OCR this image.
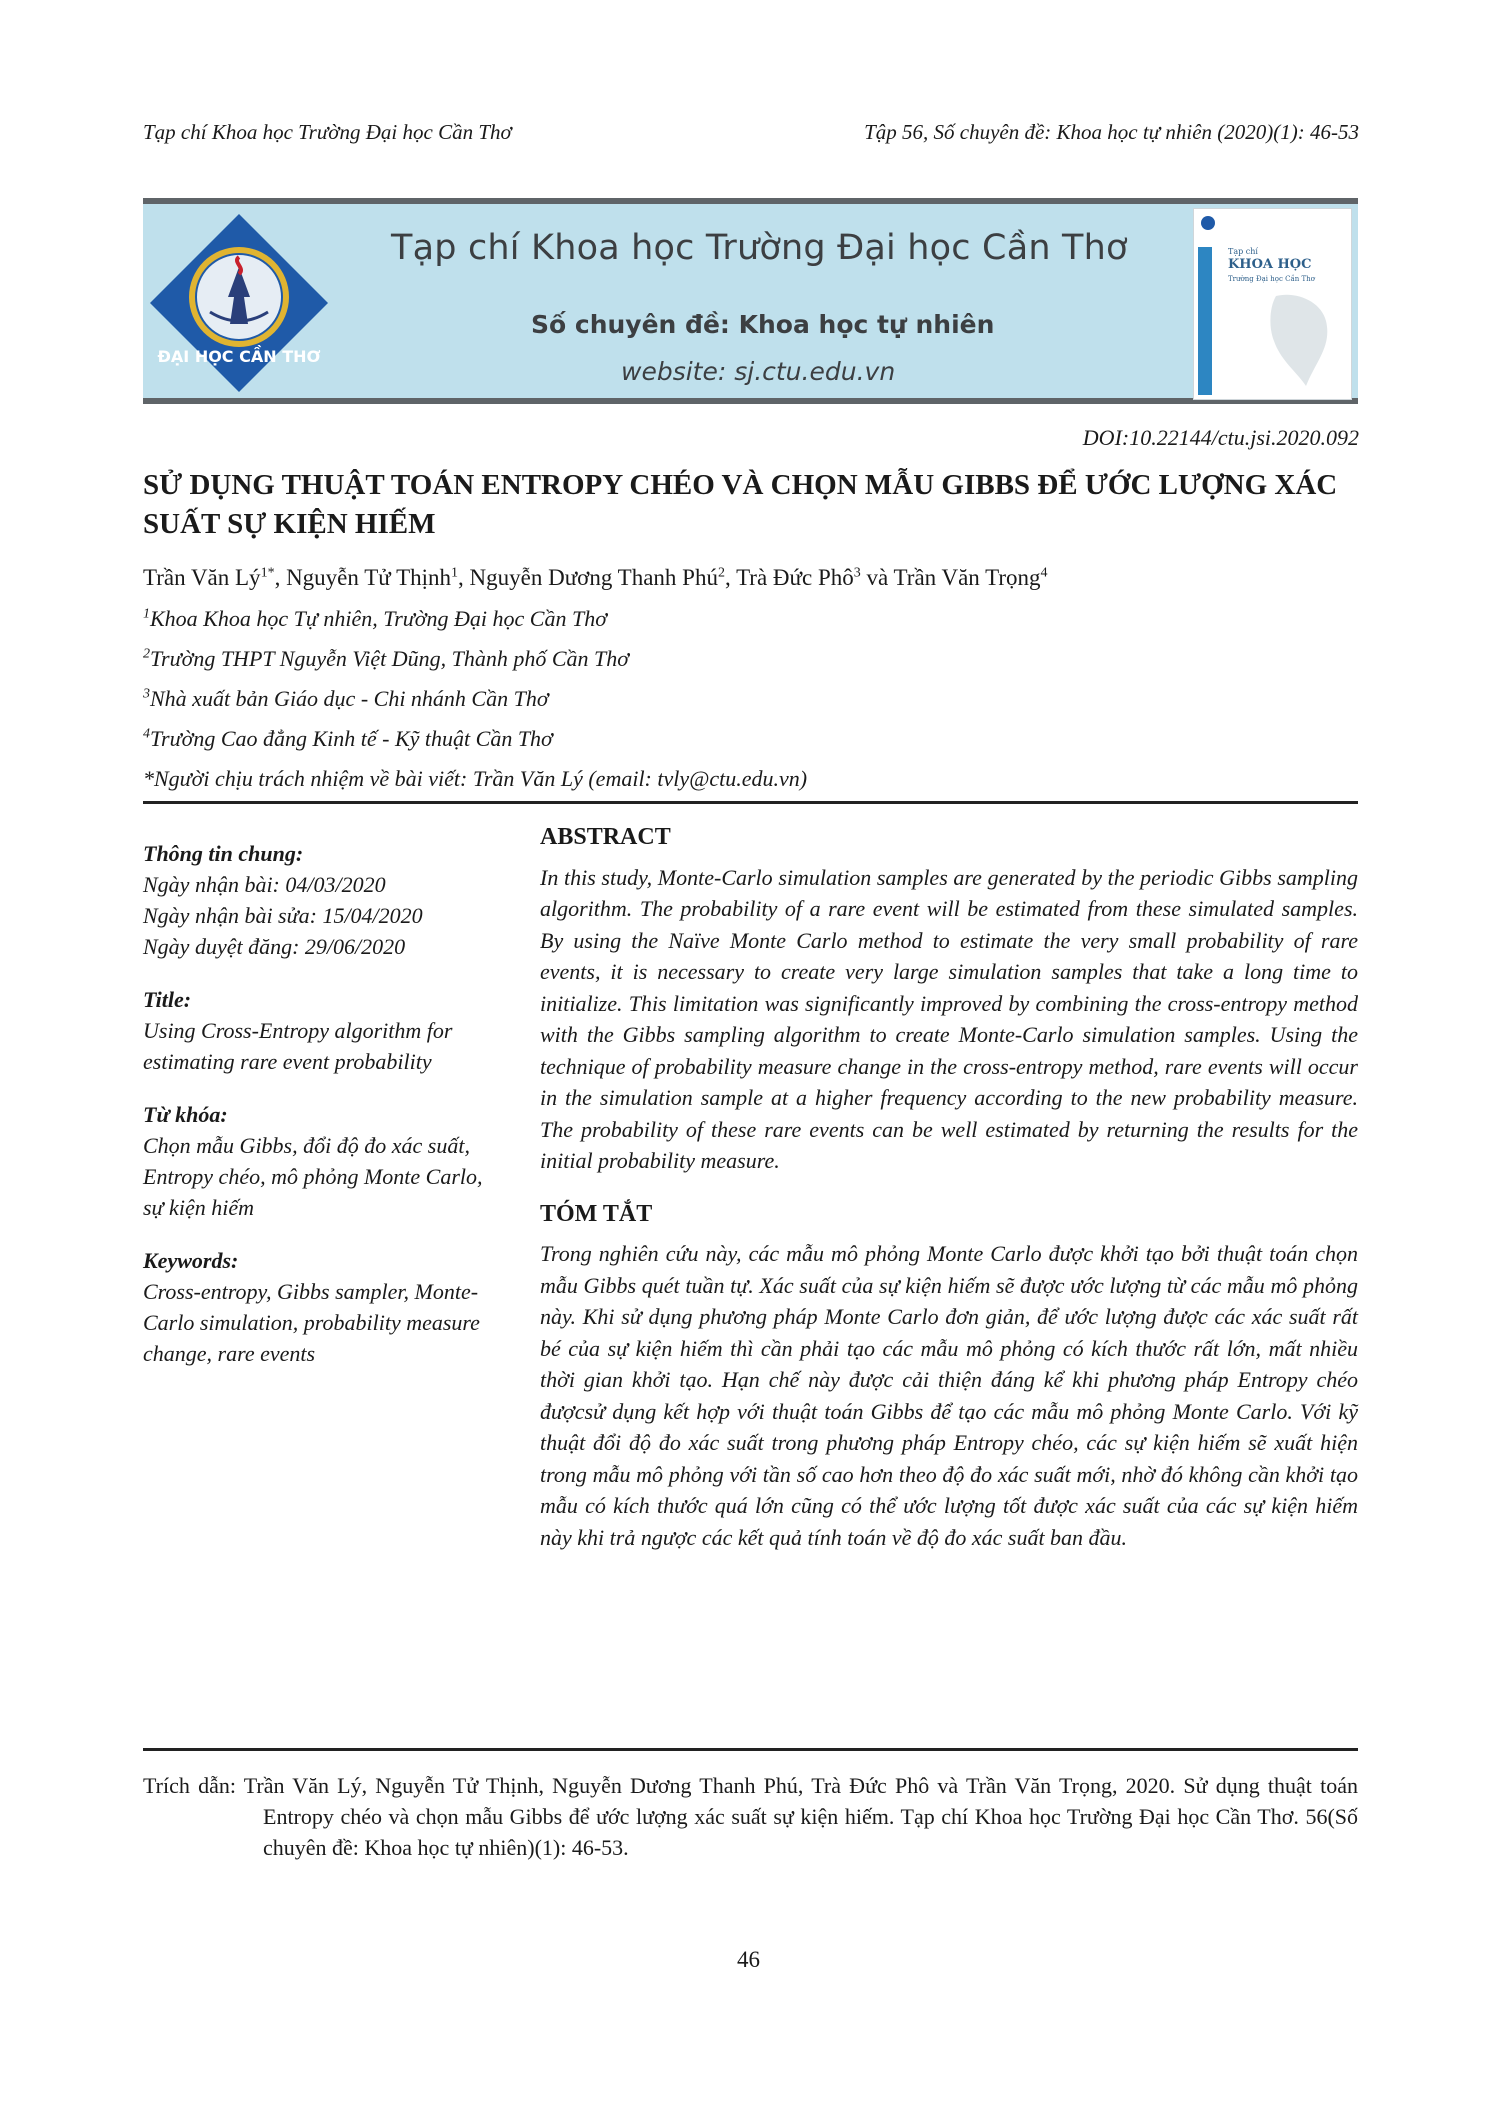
Tạp chí Khoa học Trường Đại học Cần Thơ	Tập 56, Số chuyên đề: Khoa học tự nhiên (2020)(1): 46-53
ĐẠI HỌC CẦN THƠ
Tạp chí Khoa học Trường Đại học Cần Thơ
Số chuyên đề: Khoa học tự nhiên
website: sj.ctu.edu.vn
Tạp chí
KHOA HỌC
Trường Đại học Cần Thơ
DOI:10.22144/ctu.jsi.2020.092
SỬ DỤNG THUẬT TOÁN ENTROPY CHÉO VÀ CHỌN MẪU GIBBS ĐỂ ƯỚC LƯỢNG XÁC SUẤT SỰ KIỆN HIẾM
Trần Văn $Lý^{1*}$, Nguyễn Tử Thịnh$^1$, Nguyễn Dương Thanh Phú$^2$, Trà Đức Phô$^3$ và Trần Văn Trọng$^4$
$^1$Khoa Khoa học Tự nhiên, Trường Đại học Cần Thơ
$^2$Trường THPT Nguyễn Việt Dũng, Thành phố Cần Thơ
$^3$Nhà xuất bản Giáo dục - Chi nhánh Cần Thơ
$^4$Trường Cao đẳng Kinh tế - Kỹ thuật Cần Thơ
*Người chịu trách nhiệm về bài viết: Trần Văn Lý (email: tvly@ctu.edu.vn)
Thông tin chung:
Ngày nhận bài: 04/03/2020
Ngày nhận bài sửa: 15/04/2020
Ngày duyệt đăng: 29/06/2020
Title:
Using Cross-Entropy algorithm for estimating rare event probability
Từ khóa:
Chọn mẫu Gibbs, đổi độ đo xác suất, Entropy chéo, mô phỏng Monte Carlo, sự kiện hiếm
Keywords:
Cross-entropy, Gibbs sampler, Monte-Carlo simulation, probability measure change, rare events
ABSTRACT

In this study, Monte-Carlo simulation samples are generated by the periodic Gibbs sampling algorithm. The probability of a rare event will be estimated from these simulated samples. By using the Naïve Monte Carlo method to estimate the very small probability of rare events, it is necessary to create very large simulation samples that take a long time to initialize. This limitation was significantly improved by combining the cross-entropy method with the Gibbs sampling algorithm to create Monte-Carlo simulation samples. Using the technique of probability measure change in the cross-entropy method, rare events will occur in the simulation sample at a higher frequency according to the new probability measure. The probability of these rare events can be well estimated by returning the results for the initial probability measure.

TÓM TẮT

Trong nghiên cứu này, các mẫu mô phỏng Monte Carlo được khởi tạo bởi thuật toán chọn mẫu Gibbs quét tuần tự. Xác suất của sự kiện hiếm sẽ được ước lượng từ các mẫu mô phỏng này. Khi sử dụng phương pháp Monte Carlo đơn giản, để ước lượng được các xác suất rất bé của sự kiện hiếm thì cần phải tạo các mẫu mô phỏng có kích thước rất lớn, mất nhiều thời gian khởi tạo. Hạn chế này được cải thiện đáng kể khi phương pháp Entropy chéo đượcsử dụng kết hợp với thuật toán Gibbs để tạo các mẫu mô phỏng Monte Carlo. Với kỹ thuật đổi độ đo xác suất trong phương pháp Entropy chéo, các sự kiện hiếm sẽ xuất hiện trong mẫu mô phỏng với tần số cao hơn theo độ đo xác suất mới, nhờ đó không cần khởi tạo mẫu có kích thước quá lớn cũng có thể ước lượng tốt được xác suất của các sự kiện hiếm này khi trả ngược các kết quả tính toán về độ đo xác suất ban đầu.

Trích dẫn: Trần Văn Lý, Nguyễn Tử Thịnh, Nguyễn Dương Thanh Phú, Trà Đức Phô và Trần Văn Trọng, 2020. Sử dụng thuật toán Entropy chéo và chọn mẫu Gibbs để ước lượng xác suất sự kiện hiếm. Tạp chí Khoa học Trường Đại học Cần Thơ. 56(Số chuyên đề: Khoa học tự nhiên)(1): 46-53.
46
